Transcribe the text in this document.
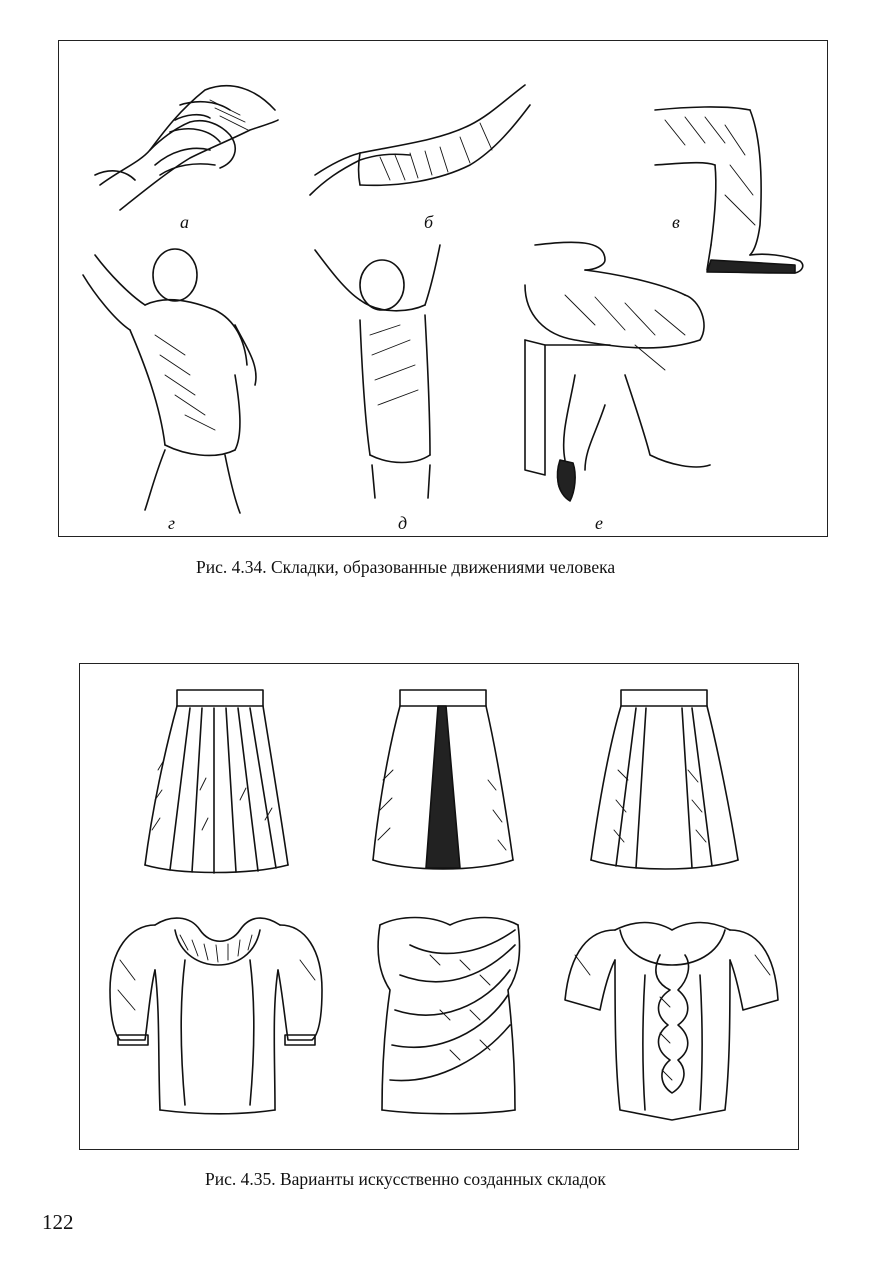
а	б	в
г	д	е
Рис. 4.34. Складки, образованные движениями человека
Рис. 4.35. Варианты искусственно созданных складок
122
